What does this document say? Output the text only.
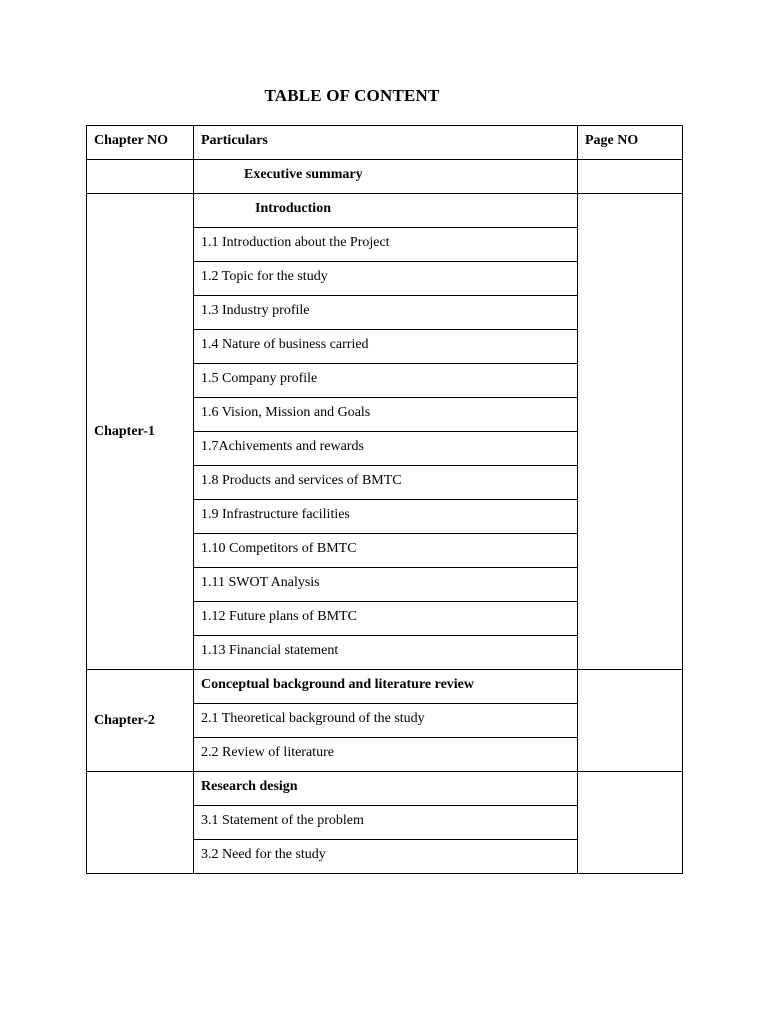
TABLE OF CONTENT
Chapter NO	Particulars	Page NO
	Executive summary	
Chapter-1	Introduction	
	1.1 Introduction about the Project	
	1.2 Topic for the study	
	1.3 Industry profile	
	1.4 Nature of business carried	
	1.5 Company profile	
	1.6 Vision, Mission and Goals	
	1.7Achivements and rewards	
	1.8 Products and services of BMTC	
	1.9 Infrastructure facilities	
	1.10 Competitors of BMTC	
	1.11 SWOT Analysis	
	1.12 Future plans of BMTC	
	1.13 Financial statement	
Chapter-2	Conceptual background and literature review	
	2.1 Theoretical background of the study	
	2.2 Review of literature	
	Research design	
	3.1 Statement of the problem	
	3.2 Need for the study	
